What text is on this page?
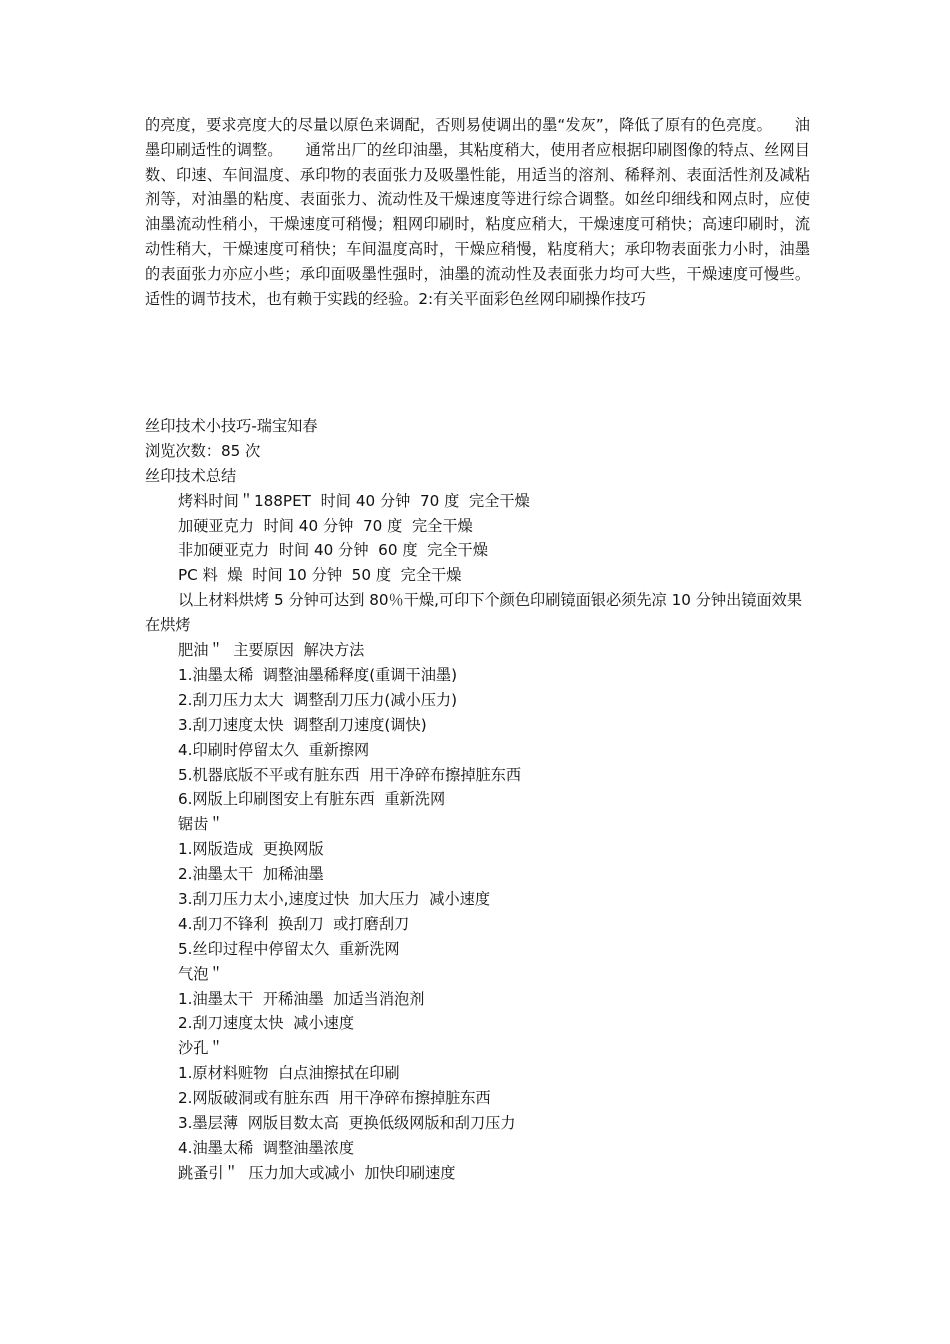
的亮度，要求亮度大的尽量以原色来调配，否则易使调出的墨“发灰”，降低了原有的色亮度。　　油墨印刷适性的调整。　　通常出厂的丝印油墨，其粘度稍大，使用者应根据印刷图像的特点、丝网目数、印速、车间温度、承印物的表面张力及吸墨性能，用适当的溶剂、稀释剂、表面活性剂及减粘剂等，对油墨的粘度、表面张力、流动性及干燥速度等进行综合调整。如丝印细线和网点时，应使油墨流动性稍小，干燥速度可稍慢；粗网印刷时，粘度应稍大，干燥速度可稍快；高速印刷时，流动性稍大，干燥速度可稍快；车间温度高时，干燥应稍慢，粘度稍大；承印物表面张力小时，油墨的表面张力亦应小些；承印面吸墨性强时，油墨的流动性及表面张力均可大些，干燥速度可慢些。适性的调节技术，也有赖于实践的经验。2:有关平面彩色丝网印刷操作技巧

丝印技术小技巧-瑞宝知春
浏览次数：85 次
丝印技术总结
烤料时间＂188PET  时间 40 分钟  70 度  完全干燥
加硬亚克力  时间 40 分钟  70 度  完全干燥
非加硬亚克力  时间 40 分钟  60 度  完全干燥
PC 料  燥  时间 10 分钟  50 度  完全干燥
以上材料烘烤 5 分钟可达到 80％干燥,可印下个颜色印刷镜面银必须先凉 10 分钟出镜面效果 在烘烤
肥油＂  主要原因  解决方法
1.油墨太稀  调整油墨稀释度(重调干油墨)
2.刮刀压力太大  调整刮刀压力(减小压力)
3.刮刀速度太快  调整刮刀速度(调快)
4.印刷时停留太久  重新擦网
5.机器底版不平或有脏东西  用干净碎布擦掉脏东西
6.网版上印刷图安上有脏东西  重新洗网
锯齿＂
1.网版造成  更换网版
2.油墨太干  加稀油墨
3.刮刀压力太小,速度过快  加大压力  减小速度
4.刮刀不锋利  换刮刀  或打磨刮刀
5.丝印过程中停留太久  重新洗网
气泡＂
1.油墨太干  开稀油墨  加适当消泡剂
2.刮刀速度太快  减小速度
沙孔＂
1.原材料赃物  白点油擦拭在印刷
2.网版破洞或有脏东西  用干净碎布擦掉脏东西
3.墨层薄  网版目数太高  更换低级网版和刮刀压力
4.油墨太稀  调整油墨浓度
跳蚤引＂  压力加大或减小  加快印刷速度
